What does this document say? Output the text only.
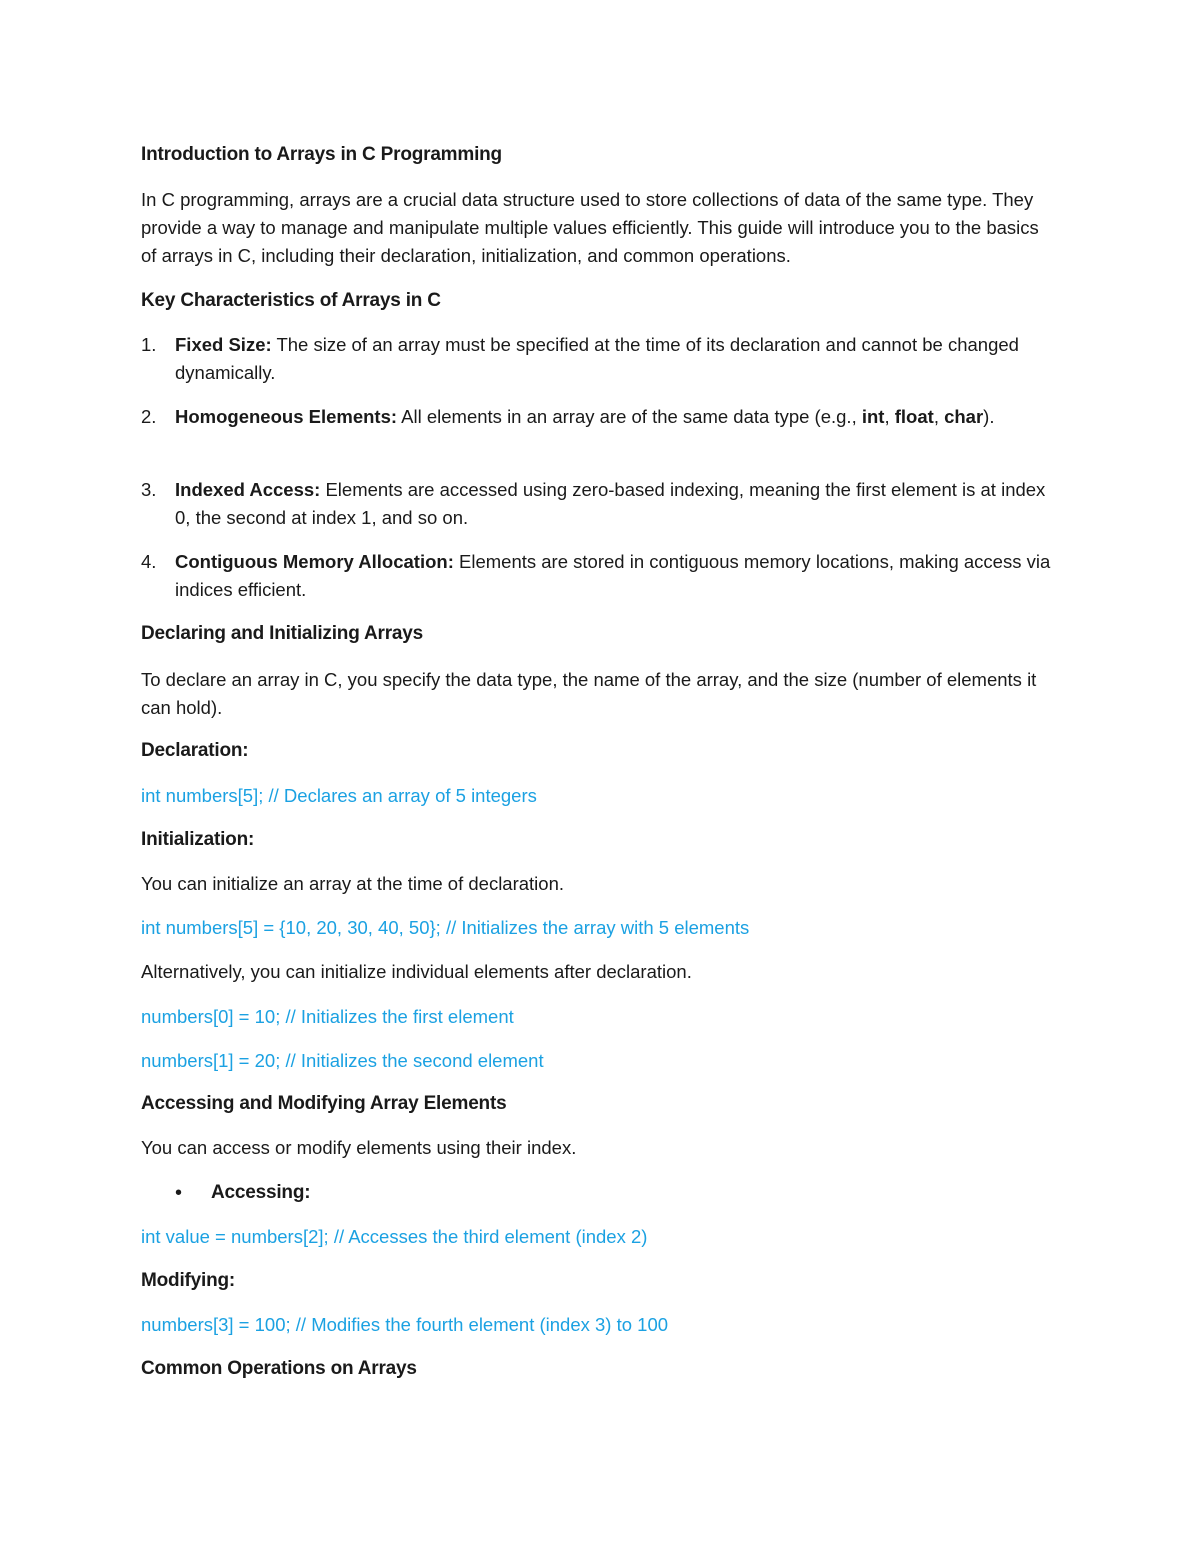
Introduction to Arrays in C Programming

In C programming, arrays are a crucial data structure used to store collections of data of the same type. They provide a way to manage and manipulate multiple values efficiently. This guide will introduce you to the basics of arrays in C, including their declaration, initialization, and common operations.

Key Characteristics of Arrays in C

1.	Fixed Size: The size of an array must be specified at the time of its declaration and cannot be changed dynamically.
2.	Homogeneous Elements: All elements in an array are of the same data type (e.g., int, float, char).
3.	Indexed Access: Elements are accessed using zero-based indexing, meaning the first element is at index 0, the second at index 1, and so on.
4.	Contiguous Memory Allocation: Elements are stored in contiguous memory locations, making access via indices efficient.

Declaring and Initializing Arrays

To declare an array in C, you specify the data type, the name of the array, and the size (number of elements it can hold).

Declaration:

int numbers[5]; // Declares an array of 5 integers

Initialization:

You can initialize an array at the time of declaration.

int numbers[5] = {10, 20, 30, 40, 50}; // Initializes the array with 5 elements

Alternatively, you can initialize individual elements after declaration.

numbers[0] = 10; // Initializes the first element

numbers[1] = 20; // Initializes the second element

Accessing and Modifying Array Elements

You can access or modify elements using their index.

•	Accessing:

int value = numbers[2]; // Accesses the third element (index 2)

Modifying:

numbers[3] = 100; // Modifies the fourth element (index 3) to 100

Common Operations on Arrays
